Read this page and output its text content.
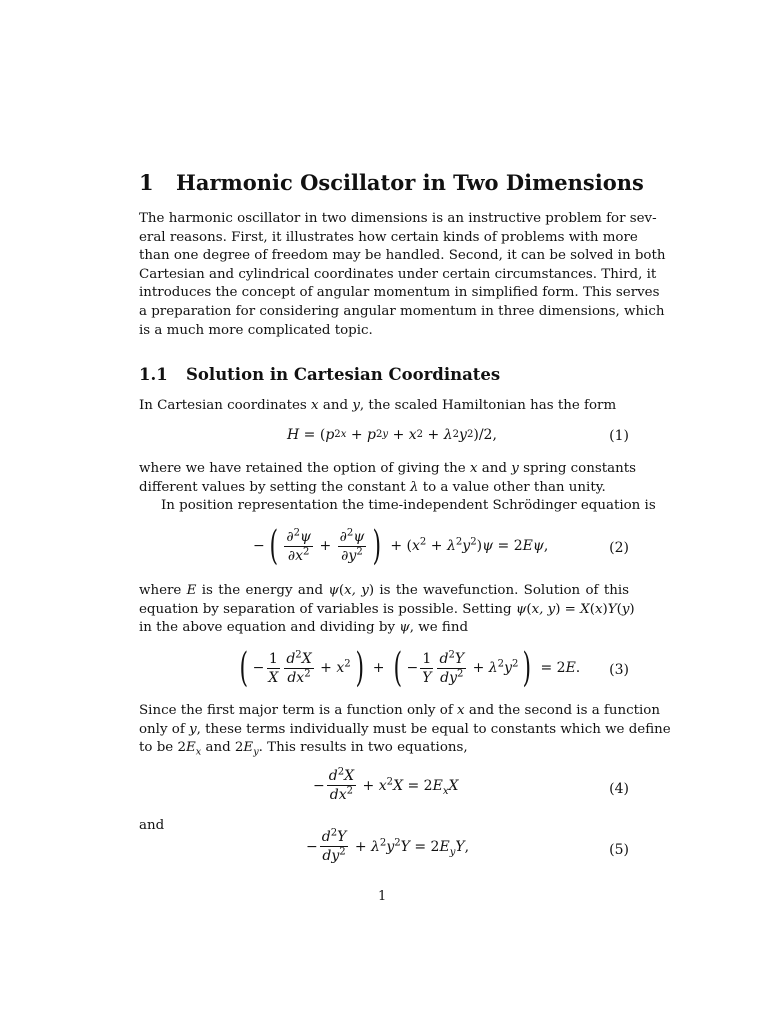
1 Harmonic Oscillator in Two Dimensions
The harmonic oscillator in two dimensions is an instructive problem for sev-
eral reasons. First, it illustrates how certain kinds of problems with more
than one degree of freedom may be handled. Second, it can be solved in both
Cartesian and cylindrical coordinates under certain circumstances. Third, it
introduces the concept of angular momentum in simplified form. This serves
a preparation for considering angular momentum in three dimensions, which
is a much more complicated topic.
1.1 Solution in Cartesian Coordinates
In Cartesian coordinates x and y, the scaled Hamiltonian has the form
H = ( p 2 x + p 2 y + x 2 + λ 2 y 2 )/2,	(1)
where we have retained the option of giving the x and y spring constants
different values by setting the constant λ to a value other than unity.
In position representation the time-independent Schrödinger equation is
− ( $\frac{\partial^2\psi}{\partial x^2} + \frac{\partial^2\psi}{\partial y^2}$ ) + $(x^2 + \lambda^2y^2)\psi = 2E\psi$,	(2)
where E is the energy and ψ(x, y) is the wavefunction. Solution of this
equation by separation of variables is possible. Setting ψ(x, y) = X(x)Y(y)
in the above equation and dividing by ψ, we find
( − $\frac{1}{X} \frac{d^2X}{dx^2} + x^2$ ) + ( − $\frac{1}{Y} \frac{d^2Y}{dy^2} + \lambda^2y^2$ ) = 2E. (3)
Since the first major term is a function only of x and the second is a function
only of y, these terms individually must be equal to constants which we define
to be $2E_x$ and $2E_y$. This results in two equations,
− $\frac{d^2X}{dx^2} + x^2X = 2E_xX$	(4)
and
− $\frac{d^2Y}{dy^2} + \lambda^2y^2Y = 2E_yY$,	(5)
1
